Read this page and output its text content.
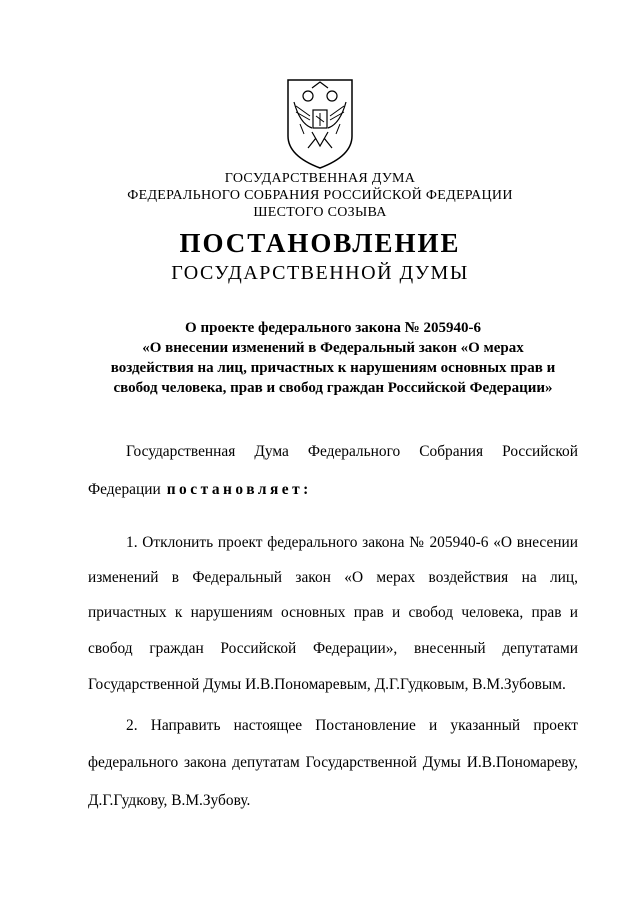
ГОСУДАРСТВЕННАЯ ДУМА
ФЕДЕРАЛЬНОГО СОБРАНИЯ РОССИЙСКОЙ ФЕДЕРАЦИИ
ШЕСТОГО СОЗЫВА
ПОСТАНОВЛЕНИЕ
ГОСУДАРСТВЕННОЙ ДУМЫ
О проекте федерального закона № 205940-6
«О внесении изменений в Федеральный закон «О мерах
воздействия на лиц, причастных к нарушениям основных прав и
свобод человека, прав и свобод граждан Российской Федерации»
Государственная Дума Федерального Собрания Российской
Федерации постановляет:
1. Отклонить проект федерального закона № 205940-6 «О внесении
изменений в Федеральный закон «О мерах воздействия на лиц,
причастных к нарушениям основных прав и свобод человека, прав и
свобод граждан Российской Федерации», внесенный депутатами
Государственной Думы И.В.Пономаревым, Д.Г.Гудковым, В.М.Зубовым.
2. Направить настоящее Постановление и указанный проект
федерального закона депутатам Государственной Думы И.В.Пономареву,
Д.Г.Гудкову, В.М.Зубову.
